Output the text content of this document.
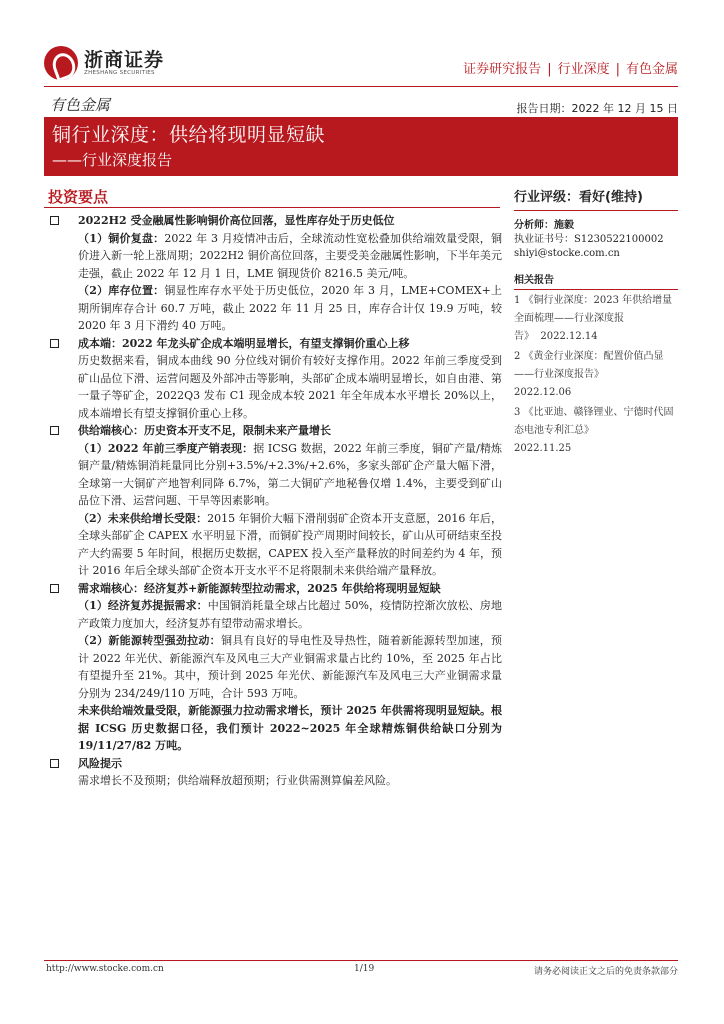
浙商证券
ZHESHANG SECURITIES	证券研究报告 | 行业深度 | 有色金属
有色金属	报告日期：2022 年 12 月 15 日
铜行业深度：供给将现明显短缺
——行业深度报告
投资要点
2022H2 受金融属性影响铜价高位回落，显性库存处于历史低位
（1）铜价复盘：2022 年 3 月疫情冲击后，全球流动性宽松叠加供给端效量受限，铜价进入新一轮上涨周期；2022H2 铜价高位回落，主要受美金融属性影响，下半年美元走强，截止 2022 年 12 月 1 日，LME 铜现货价 8216.5 美元/吨。
（2）库存位置：铜显性库存水平处于历史低位，2020 年 3 月，LME+COMEX+上期所铜库存合计 60.7 万吨，截止 2022 年 11 月 25 日，库存合计仅 19.9 万吨，较 2020 年 3 月下滑约 40 万吨。
成本端：2022 年龙头矿企成本端明显增长，有望支撑铜价重心上移
历史数据来看，铜成本曲线 90 分位线对铜价有较好支撑作用。2022 年前三季度受到矿山品位下滑、运营问题及外部冲击等影响，头部矿企成本端明显增长，如自由港、第一量子等矿企，2022Q3 发布 C1 现金成本较 2021 年全年成本水平增长 20%以上，成本端增长有望支撑铜价重心上移。
供给端核心：历史资本开支不足，限制未来产量增长
（1）2022 年前三季度产销表现：据 ICSG 数据，2022 年前三季度，铜矿产量/精炼铜产量/精炼铜消耗量同比分别+3.5%/+2.3%/+2.6%，多家头部矿企产量大幅下滑，全球第一大铜矿产地智利同降 6.7%，第二大铜矿产地秘鲁仅增 1.4%，主要受到矿山品位下滑、运营问题、干旱等因素影响。
（2）未来供给增长受限：2015 年铜价大幅下滑削弱矿企资本开支意愿，2016 年后，全球头部矿企 CAPEX 水平明显下滑，而铜矿投产周期时间较长，矿山从可研结束至投产大约需要 5 年时间，根据历史数据，CAPEX 投入至产量释放的时间差约为 4 年，预计 2016 年后全球头部矿企资本开支水平不足将限制未来供给端产量释放。
需求端核心：经济复苏+新能源转型拉动需求，2025 年供给将现明显短缺
（1）经济复苏提振需求：中国铜消耗量全球占比超过 50%，疫情防控渐次放松、房地产政策力度加大，经济复苏有望带动需求增长。
（2）新能源转型强劲拉动：铜具有良好的导电性及导热性，随着新能源转型加速，预计 2022 年光伏、新能源汽车及风电三大产业铜需求量占比约 10%，至 2025 年占比有望提升至 21%。其中，预计到 2025 年光伏、新能源汽车及风电三大产业铜需求量分别为 234/249/110 万吨，合计 593 万吨。
未来供给端效量受限，新能源强力拉动需求增长，预计 2025 年供需将现明显短缺。根据 ICSG 历史数据口径，我们预计 2022~2025 年全球精炼铜供给缺口分别为 19/11/27/82 万吨。
风险提示
需求增长不及预期；供给端释放超预期；行业供需测算偏差风险。
行业评级：看好(维持)
分析师：施毅
执业证书号：S1230522100002
shiyi@stocke.com.cn
相关报告
1 《铜行业深度：2023 年供给增量全面梳理——行业深度报告》 2022.12.14
2 《黄金行业深度：配置价值凸显——行业深度报告》
2022.12.06
3 《比亚迪、赣锋锂业、宁德时代固态电池专利汇总》
2022.11.25
http://www.stocke.com.cn	1/19	请务必阅读正文之后的免责条款部分
